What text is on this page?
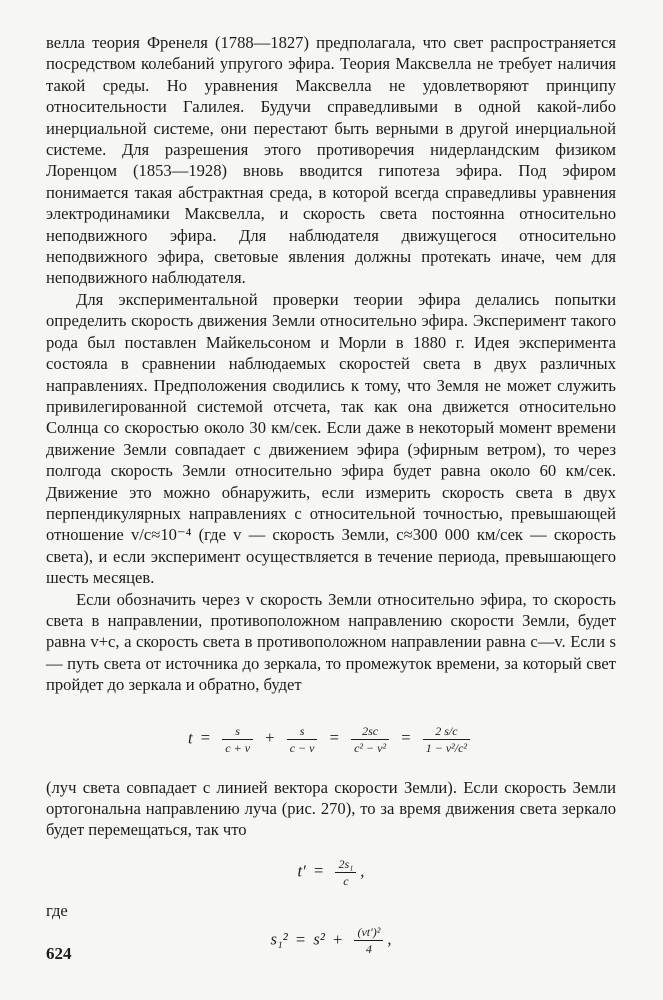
велла теория Френеля (1788—1827) предполагала, что свет распространяется посредством колебаний упругого эфира. Теория Максвелла не требует наличия такой среды. Но уравнения Максвелла не удовлетворяют принципу относительности Галилея. Будучи справедливыми в одной какой-либо инерциальной системе, они перестают быть верными в другой инерциальной системе. Для разрешения этого противоречия нидерландским физиком Лоренцом (1853—1928) вновь вводится гипотеза эфира. Под эфиром понимается такая абстрактная среда, в которой всегда справедливы уравнения электродинамики Максвелла, и скорость света постоянна относительно неподвижного эфира. Для наблюдателя движущегося относительно неподвижного эфира, световые явления должны протекать иначе, чем для неподвижного наблюдателя.

Для экспериментальной проверки теории эфира делались попытки определить скорость движения Земли относительно эфира. Эксперимент такого рода был поставлен Майкельсоном и Морли в 1880 г. Идея эксперимента состояла в сравнении наблюдаемых скоростей света в двух различных направлениях. Предположения сводились к тому, что Земля не может служить привилегированной системой отсчета, так как она движется относительно Солнца со скоростью около 30 км/сек. Если даже в некоторый момент времени движение Земли совпадает с движением эфира (эфирным ветром), то через полгода скорость Земли относительно эфира будет равна около 60 км/сек. Движение это можно обнаружить, если измерить скорость света в двух перпендикулярных направлениях с относительной точностью, превышающей отношение v/c≈10⁻⁴ (где v — скорость Земли, c≈300 000 км/сек — скорость света), и если эксперимент осуществляется в течение периода, превышающего шесть месяцев.

Если обозначить через v скорость Земли относительно эфира, то скорость света в направлении, противоположном направлению скорости Земли, будет равна v+c, а скорость света в противоположном направлении равна c—v. Если s — путь света от источника до зеркала, то промежуток времени, за который свет пройдет до зеркала и обратно, будет

$t = \frac{s}{c + v} + \frac{s}{c - v} = \frac{2sc}{\text{c² − v²}} = \frac{2 s/c}{\text{1 − v²/c²}}$

(луч света совпадает с линией вектора скорости Земли). Если скорость Земли ортогональна направлению луча (рис. 270), то за время движения света зеркало будет перемещаться, так что

$t' = \frac{\text{2s₁}}{c}$ ,

где

$s_1^2 = s^2 + \frac{\text{(vt′)²}}{4}$ ,
624
